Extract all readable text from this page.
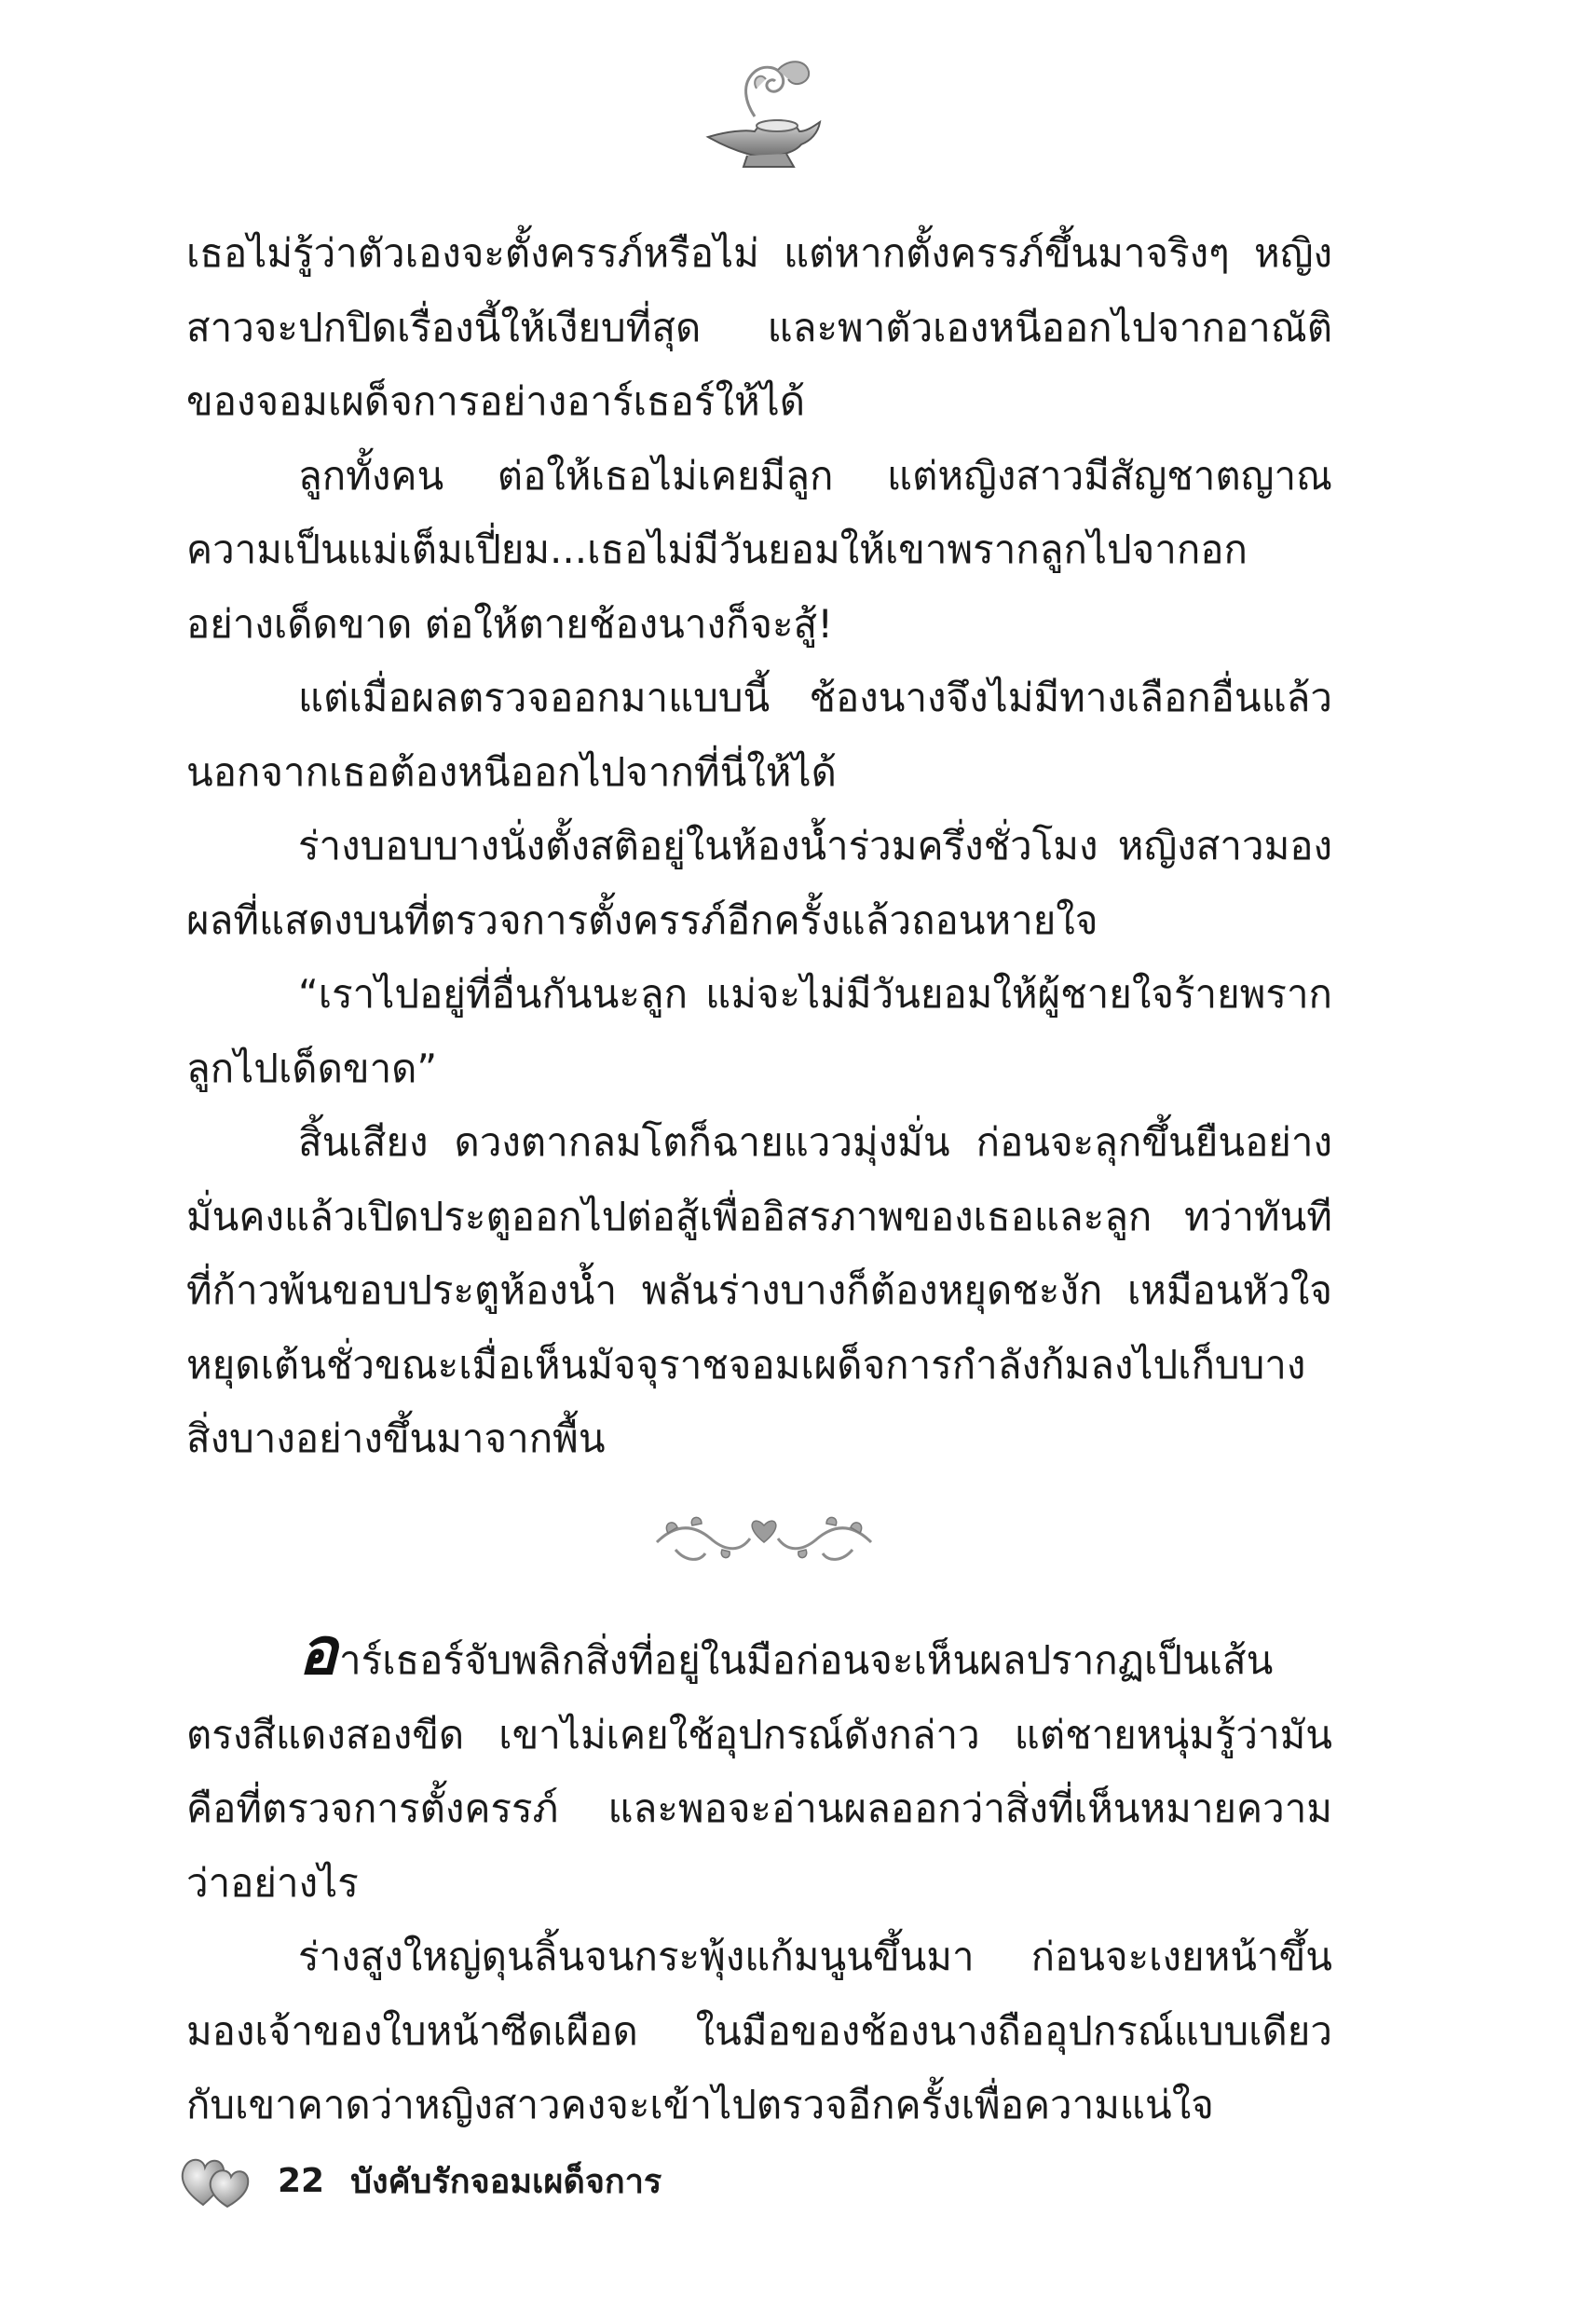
เธอไม่รู้ว่าตัวเองจะตั้งครรภ์หรือไม่ แต่หากตั้งครรภ์ขึ้นมาจริงๆ หญิงสาวจะปกปิดเรื่องนี้ให้เงียบที่สุด และพาตัวเองหนีออกไปจากอาณัติของจอมเผด็จการอย่างอาร์เธอร์ให้ได้

ลูกทั้งคน ต่อให้เธอไม่เคยมีลูก แต่หญิงสาวมีสัญชาตญาณความเป็นแม่เต็มเปี่ยม...เธอไม่มีวันยอมให้เขาพรากลูกไปจากอกอย่างเด็ดขาด ต่อให้ตายช้องนางก็จะสู้!

แต่เมื่อผลตรวจออกมาแบบนี้ ช้องนางจึงไม่มีทางเลือกอื่นแล้วนอกจากเธอต้องหนีออกไปจากที่นี่ให้ได้

ร่างบอบบางนั่งตั้งสติอยู่ในห้องน้ำร่วมครึ่งชั่วโมง หญิงสาวมองผลที่แสดงบนที่ตรวจการตั้งครรภ์อีกครั้งแล้วถอนหายใจ

“เราไปอยู่ที่อื่นกันนะลูก แม่จะไม่มีวันยอมให้ผู้ชายใจร้ายพรากลูกไปเด็ดขาด”

สิ้นเสียง ดวงตากลมโตก็ฉายแววมุ่งมั่น ก่อนจะลุกขึ้นยืนอย่างมั่นคงแล้วเปิดประตูออกไปต่อสู้เพื่ออิสรภาพของเธอและลูก ทว่าทันทีที่ก้าวพ้นขอบประตูห้องน้ำ พลันร่างบางก็ต้องหยุดชะงัก เหมือนหัวใจหยุดเต้นชั่วขณะเมื่อเห็นมัจจุราชจอมเผด็จการกำลังก้มลงไปเก็บบางสิ่งบางอย่างขึ้นมาจากพื้น

อาร์เธอร์จับพลิกสิ่งที่อยู่ในมือก่อนจะเห็นผลปรากฏเป็นเส้นตรงสีแดงสองขีด เขาไม่เคยใช้อุปกรณ์ดังกล่าว แต่ชายหนุ่มรู้ว่ามันคือที่ตรวจการตั้งครรภ์ และพอจะอ่านผลออกว่าสิ่งที่เห็นหมายความว่าอย่างไร

ร่างสูงใหญ่ดุนลิ้นจนกระพุ้งแก้มนูนขึ้นมา ก่อนจะเงยหน้าขึ้นมองเจ้าของใบหน้าซีดเผือด ในมือของช้องนางถืออุปกรณ์แบบเดียวกับเขาคาดว่าหญิงสาวคงจะเข้าไปตรวจอีกครั้งเพื่อความแน่ใจ

22 บังคับรักจอมเผด็จการ
